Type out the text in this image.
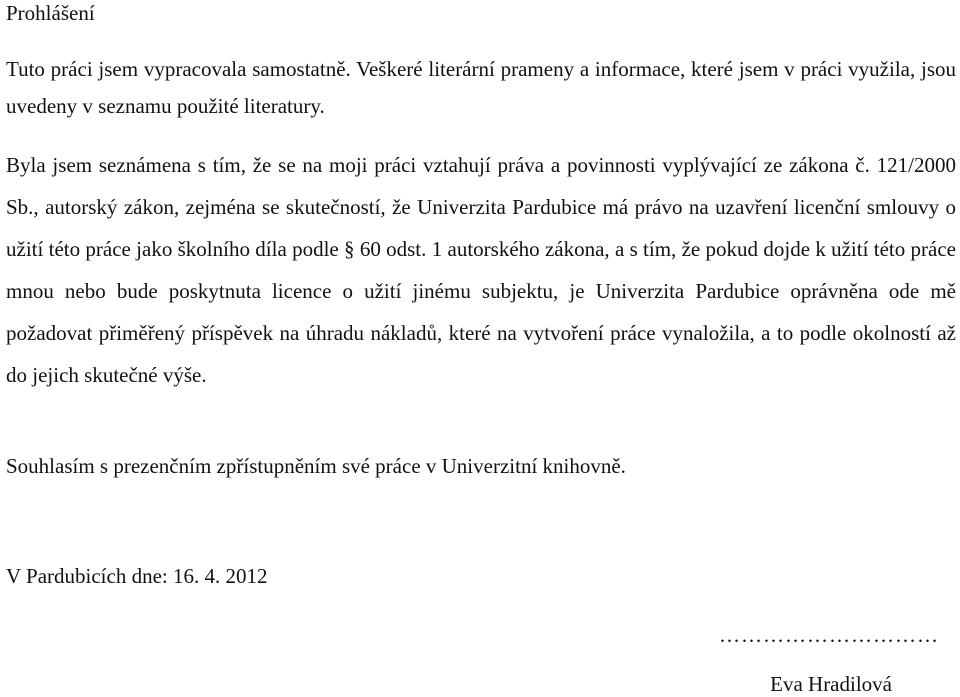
Prohlášení

Tuto práci jsem vypracovala samostatně. Veškeré literární prameny a informace, které jsem v práci využila, jsou uvedeny v seznamu použité literatury.

Byla jsem seznámena s tím, že se na moji práci vztahují práva a povinnosti vyplývající ze zákona č. 121/2000 Sb., autorský zákon, zejména se skutečností, že Univerzita Pardubice má právo na uzavření licenční smlouvy o užití této práce jako školního díla podle § 60 odst. 1 autorského zákona, a s tím, že pokud dojde k užití této práce mnou nebo bude poskytnuta licence o užití jinému subjektu, je Univerzita Pardubice oprávněna ode mě požadovat přiměřený příspěvek na úhradu nákladů, které na vytvoření práce vynaložila, a to podle okolností až do jejich skutečné výše.

Souhlasím s prezenčním zpřístupněním své práce v Univerzitní knihovně.

V Pardubicích dne: 16. 4. 2012
…………………………
Eva Hradilová
